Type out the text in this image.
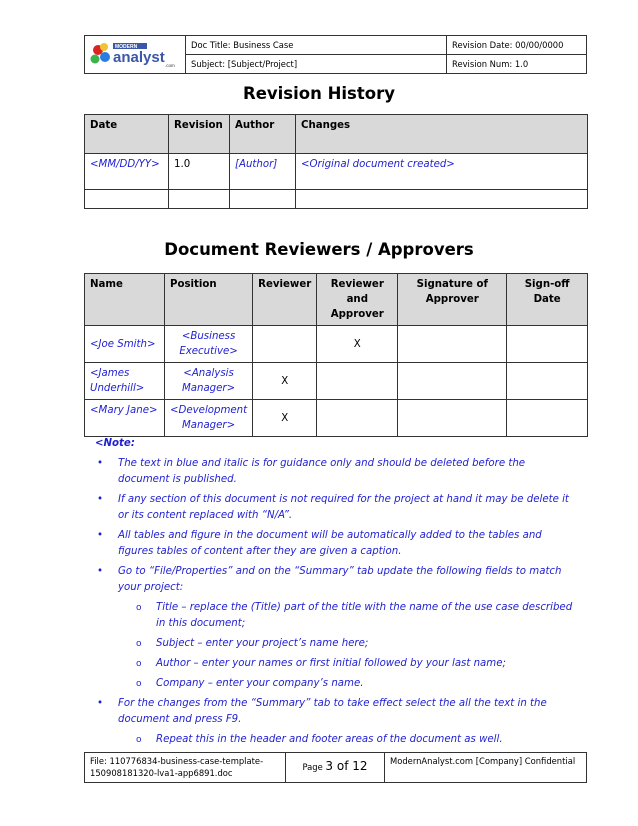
MODERN
analyst .com	Doc Title: Business Case	Revision Date: 00/00/0000
	Subject: [Subject/Project]	Revision Num: 1.0
Revision History
Date	Revision	Author	Changes
<MM/DD/YY>	1.0	[Author]	<Original document created>

Document Reviewers / Approvers
Name	Position	Reviewer	Reviewer and Approver	Signature of Approver	Sign-off Date
<Joe Smith>	<Business Executive>		X		
<James Underhill>	<Analysis Manager>	X			
<Mary Jane>	<Development Manager>	X			
<Note:
• The text in blue and italic is for guidance only and should be deleted before the document is published.
• If any section of this document is not required for the project at hand it may be delete it or its content replaced with “N/A”.
• All tables and figure in the document will be automatically added to the tables and figures tables of content after they are given a caption.
• Go to “File/Properties” and on the “Summary” tab update the following fields to match your project:
o Title – replace the (Title) part of the title with the name of the use case described in this document;
o Subject – enter your project’s name here;
o Author – enter your names or first initial followed by your last name;
o Company – enter your company’s name.
• For the changes from the “Summary” tab to take effect select the all the text in the document and press F9.
o Repeat this in the header and footer areas of the document as well.
File: 110776834-business-case-template-150908181320-lva1-app6891.doc	Page 3 of 12	ModernAnalyst.com [Company] Confidential
